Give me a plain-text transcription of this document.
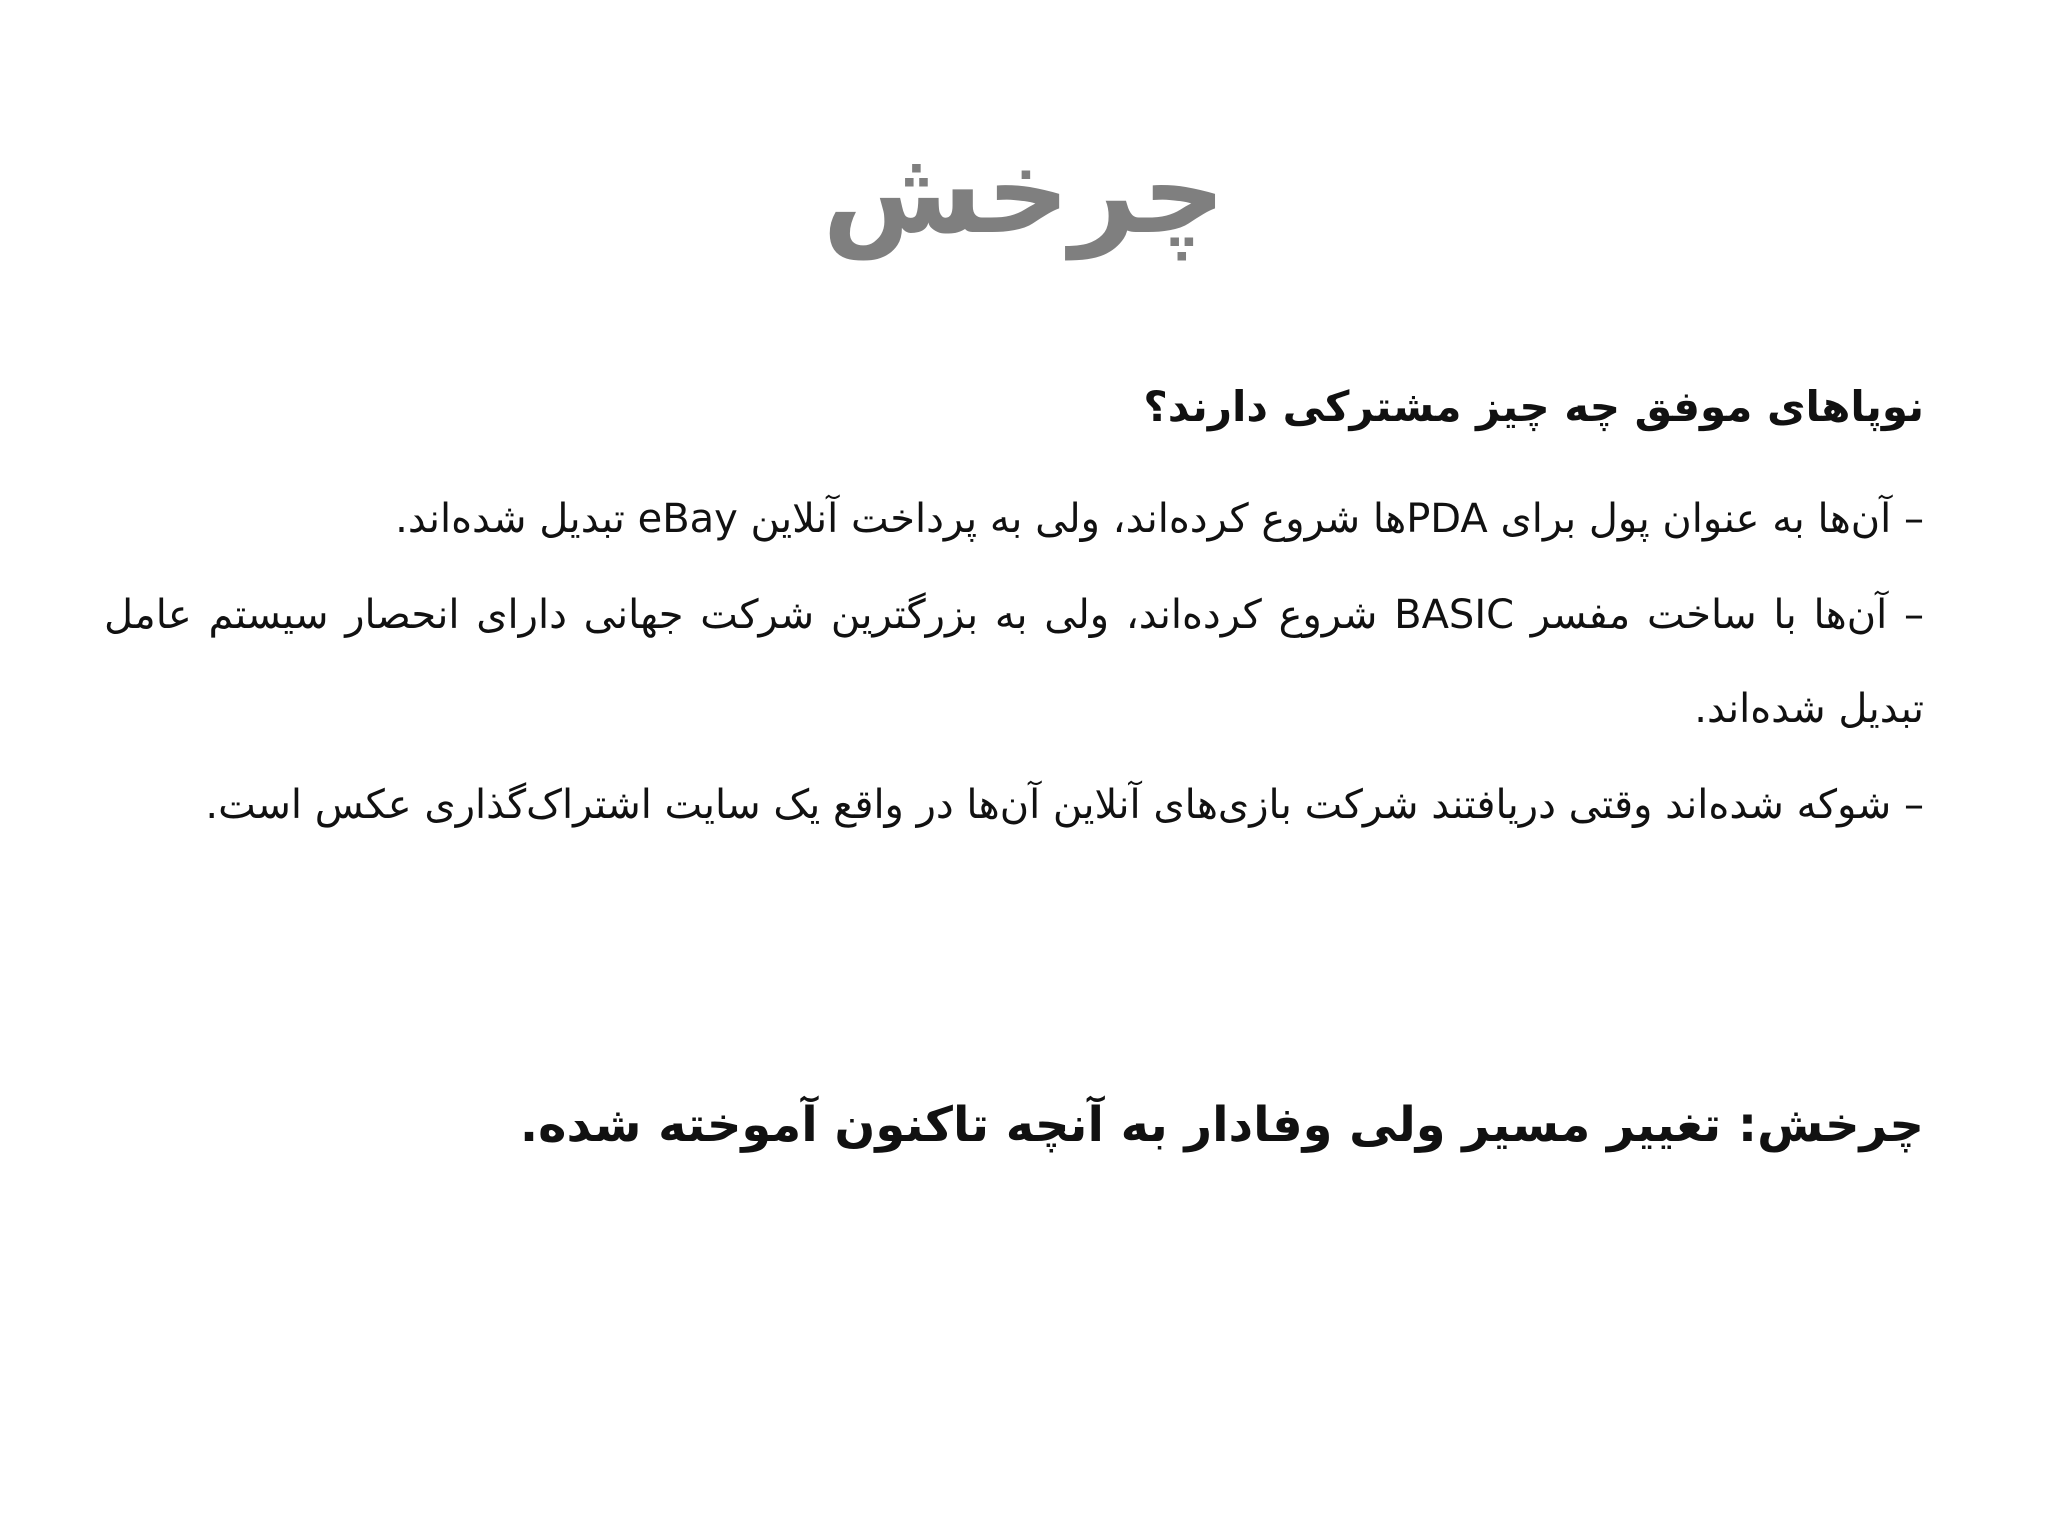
چرخش

نوپاهای موفق چه چیز مشترکی دارند؟

– آن‌ها به عنوان پول برای PDAها شروع کرده‌اند، ولی به پرداخت آنلاین eBay تبدیل شده‌اند.
– آن‌ها با ساخت مفسر BASIC شروع کرده‌اند، ولی به بزرگترین شرکت جهانی دارای انحصار سیستم عامل تبدیل شده‌اند.
– شوکه شده‌اند وقتی دریافتند شرکت بازی‌های آنلاین آن‌ها در واقع یک سایت اشتراک‌گذاری عکس است.

چرخش: تغییر مسیر ولی وفادار به آنچه تاکنون آموخته شده.
